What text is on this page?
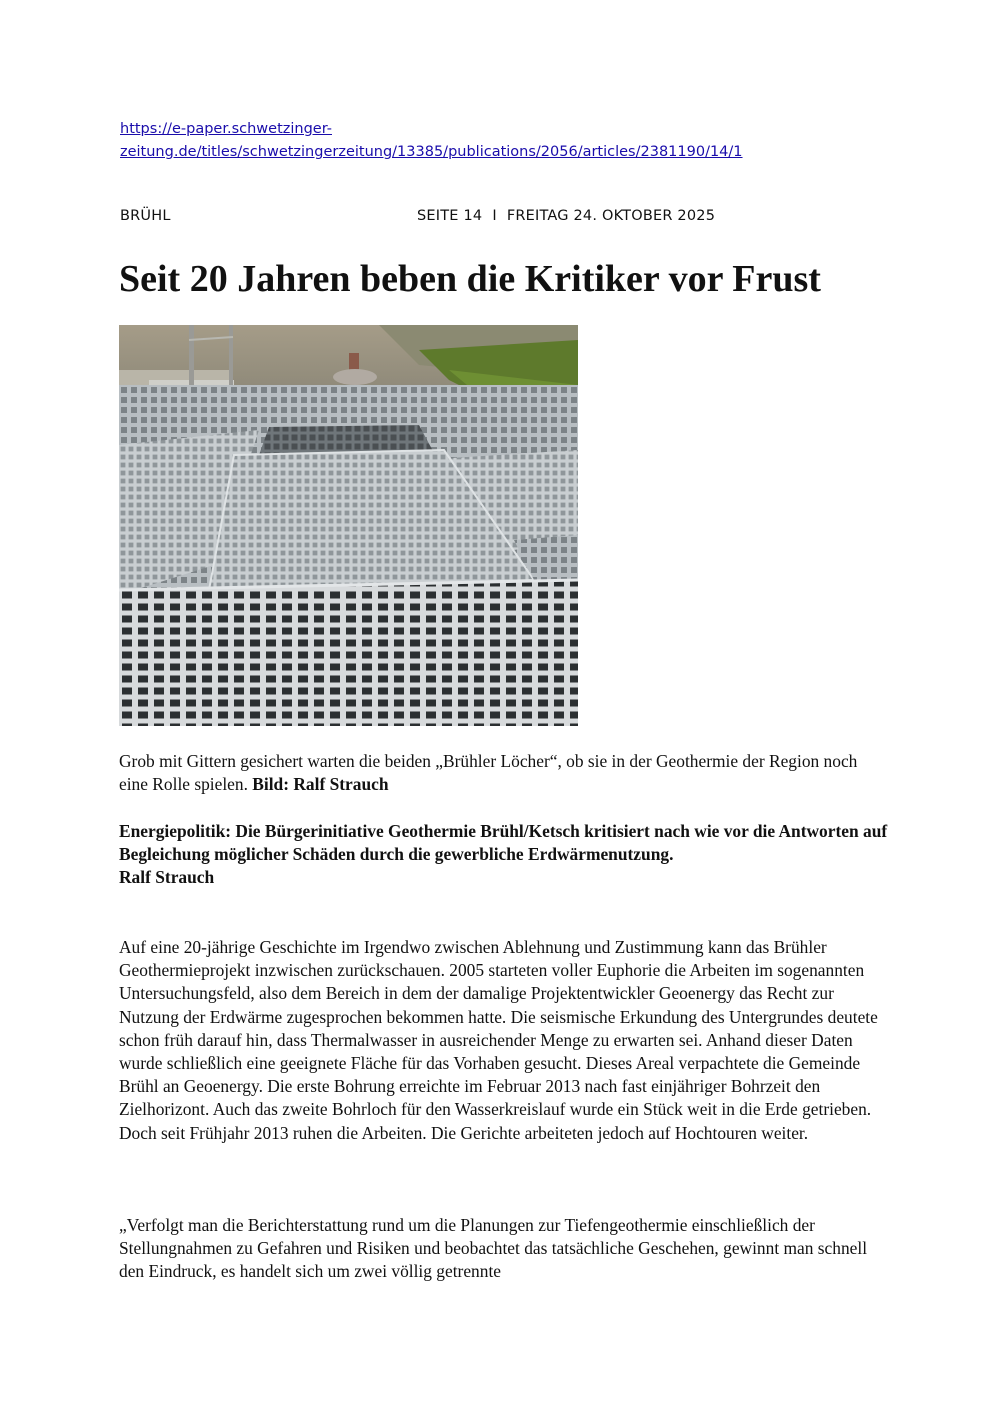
https://e-paper.schwetzinger-
zeitung.de/titles/schwetzingerzeitung/13385/publications/2056/articles/2381190/14/1
BRÜHL	SEITE 14 I FREITAG 24. OKTOBER 2025
Seit 20 Jahren beben die Kritiker vor Frust
Grob mit Gittern gesichert warten die beiden „Brühler Löcher“, ob sie in der Geothermie der Region noch eine Rolle spielen. Bild: Ralf Strauch

Energiepolitik: Die Bürgerinitiative Geothermie Brühl/Ketsch kritisiert nach wie vor die Antworten auf Begleichung möglicher Schäden durch die gewerbliche Erdwärmenutzung.

Ralf Strauch

Auf eine 20-jährige Geschichte im Irgendwo zwischen Ablehnung und Zustimmung kann das Brühler Geothermieprojekt inzwischen zurückschauen. 2005 starteten voller Euphorie die Arbeiten im sogenannten Untersuchungsfeld, also dem Bereich in dem der damalige Projektentwickler Geoenergy das Recht zur Nutzung der Erdwärme zugesprochen bekommen hatte. Die seismische Erkundung des Untergrundes deutete schon früh darauf hin, dass Thermalwasser in ausreichender Menge zu erwarten sei. Anhand dieser Daten wurde schließlich eine geeignete Fläche für das Vorhaben gesucht. Dieses Areal verpachtete die Gemeinde Brühl an Geoenergy. Die erste Bohrung erreichte im Februar 2013 nach fast einjähriger Bohrzeit den Zielhorizont. Auch das zweite Bohrloch für den Wasserkreislauf wurde ein Stück weit in die Erde getrieben. Doch seit Frühjahr 2013 ruhen die Arbeiten. Die Gerichte arbeiteten jedoch auf Hochtouren weiter.

„Verfolgt man die Berichterstattung rund um die Planungen zur Tiefengeothermie einschließlich der Stellungnahmen zu Gefahren und Risiken und beobachtet das tatsächliche Geschehen, gewinnt man schnell den Eindruck, es handelt sich um zwei völlig getrennte
